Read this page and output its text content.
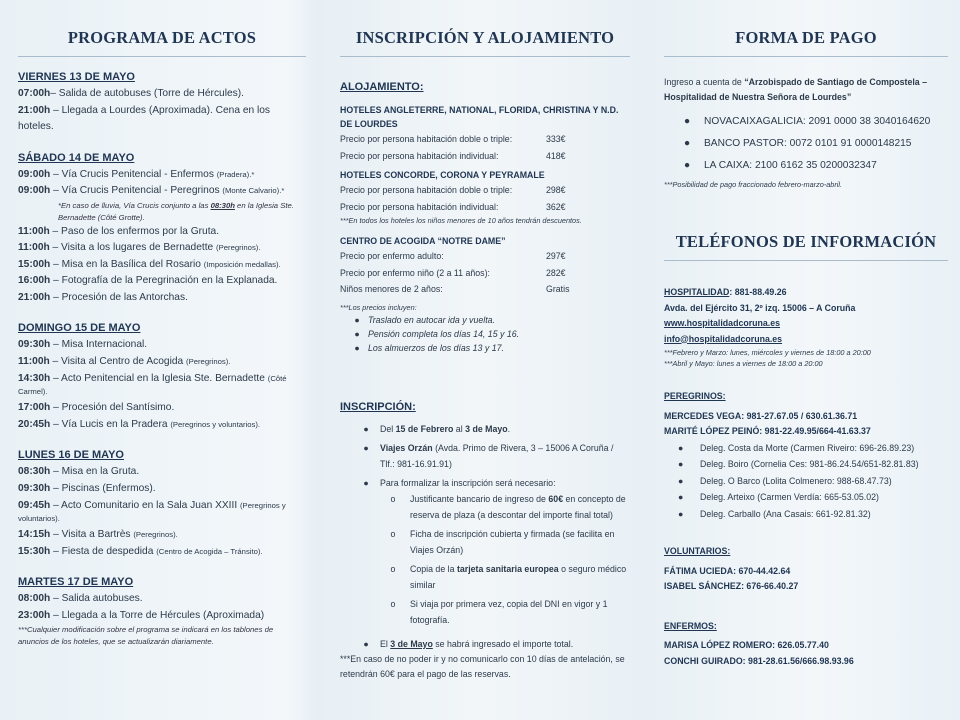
PROGRAMA DE ACTOS
VIERNES 13 DE MAYO
07:00h – Salida de autobuses (Torre de Hércules).
21:00h – Llegada a Lourdes (Aproximada). Cena en los hoteles.
SÁBADO 14 DE MAYO
09:00h – Vía Crucis Penitencial - Enfermos (Pradera).*
09:00h – Vía Crucis Penitencial - Peregrinos (Monte Calvario).*
*En caso de lluvia, Vía Crucis conjunto a las 08:30h en la Iglesia Ste. Bernadette (Côté Grotte).
11:00h – Paso de los enfermos por la Gruta.
11:00h – Visita a los lugares de Bernadette (Peregrinos).
15:00h – Misa en la Basílica del Rosario (Imposición medallas).
16:00h – Fotografía de la Peregrinación en la Explanada.
21:00h – Procesión de las Antorchas.
DOMINGO 15 DE MAYO
09:30h – Misa Internacional.
11:00h – Visita al Centro de Acogida (Peregrinos).
14:30h – Acto Penitencial en la Iglesia Ste. Bernadette (Côté Carmel).
17:00h – Procesión del Santísimo.
20:45h – Vía Lucis en la Pradera (Peregrinos y voluntarios).
LUNES 16 DE MAYO
08:30h – Misa en la Gruta.
09:30h – Piscinas (Enfermos).
09:45h – Acto Comunitario en la Sala Juan XXIII (Peregrinos y voluntarios).
14:15h – Visita a Bartrès (Peregrinos).
15:30h – Fiesta de despedida (Centro de Acogida – Tránsito).
MARTES 17 DE MAYO
08:00h – Salida autobuses.
23:00h – Llegada a la Torre de Hércules (Aproximada)
***Cualquier modificación sobre el programa se indicará en los tablones de anuncios de los hoteles, que se actualizarán diariamente.
INSCRIPCIÓN Y ALOJAMIENTO
ALOJAMIENTO:
HOTELES ANGLETERRE, NATIONAL, FLORIDA, CHRISTINA Y N.D. DE LOURDES
Precio por persona habitación doble o triple:	333€
Precio por persona habitación individual:	418€
HOTELES CONCORDE, CORONA Y PEYRAMALE
Precio por persona habitación doble o triple:	298€
Precio por persona habitación individual:	362€
***En todos los hoteles los niños menores de 10 años tendrán descuentos.
CENTRO DE ACOGIDA “NOTRE DAME”
Precio por enfermo adulto:	297€
Precio por enfermo niño (2 a 11 años):	282€
Niños menores de 2 años:	Gratis
***Los precios incluyen:
● Traslado en autocar ida y vuelta.
● Pensión completa los días 14, 15 y 16.
● Los almuerzos de los días 13 y 17.
INSCRIPCIÓN:
●	Del 15 de Febrero al 3 de Mayo.
●	Viajes Orzán (Avda. Primo de Rivera, 3 – 15006 A Coruña / Tlf.: 981-16.91.91)
●	Para formalizar la inscripción será necesario:
o	Justificante bancario de ingreso de 60€ en concepto de reserva de plaza (a descontar del importe final total)
o	Ficha de inscripción cubierta y firmada (se facilita en Viajes Orzán)
o	Copia de la tarjeta sanitaria europea o seguro médico similar
o	Si viaja por primera vez, copia del DNI en vigor y 1 fotografía.
●	El 3 de Mayo se habrá ingresado el importe total.
***En caso de no poder ir y no comunicarlo con 10 días de antelación, se retendrán 60€ para el pago de las reservas.
FORMA DE PAGO
Ingreso a cuenta de “Arzobispado de Santiago de Compostela – Hospitalidad de Nuestra Señora de Lourdes”
●	NOVACAIXAGALICIA: 2091 0000 38 3040164620
●	BANCO PASTOR: 0072 0101 91 0000148215
●	LA CAIXA: 2100 6162 35 0200032347
***Posibilidad de pago fraccionado febrero-marzo-abril.
TELÉFONOS DE INFORMACIÓN
HOSPITALIDAD: 881-88.49.26
Avda. del Ejército 31, 2º izq. 15006 – A Coruña
www.hospitalidadcoruna.es
info@hospitalidadcoruna.es
***Febrero y Marzo: lunes, miércoles y viernes de 18:00 a 20:00
***Abril y Mayo: lunes a viernes de 18:00 a 20:00
PEREGRINOS:
MERCEDES VEGA: 981-27.67.05 / 630.61.36.71
MARITÉ LÓPEZ PEINÓ: 981-22.49.95/664-41.63.37
●	Deleg. Costa da Morte (Carmen Riveiro: 696-26.89.23)
●	Deleg. Boiro (Cornelia Ces: 981-86.24.54/651-82.81.83)
●	Deleg. O Barco (Lolita Colmenero: 988-68.47.73)
●	Deleg. Arteixo (Carmen Verdía: 665-53.05.02)
●	Deleg. Carballo (Ana Casais: 661-92.81.32)
VOLUNTARIOS:
FÁTIMA UCIEDA: 670-44.42.64
ISABEL SÁNCHEZ: 676-66.40.27
ENFERMOS:
MARISA LÓPEZ ROMERO: 626.05.77.40
CONCHI GUIRADO: 981-28.61.56/666.98.93.96
